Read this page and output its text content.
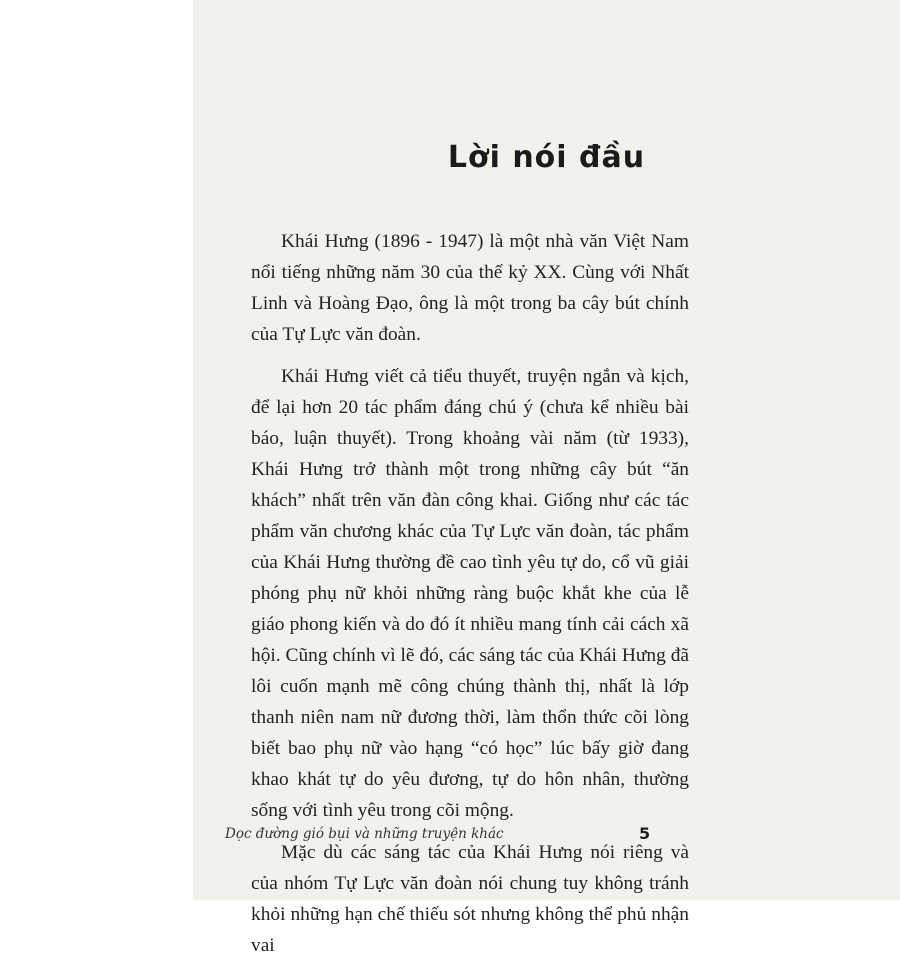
Lời nói đầu

Khái Hưng (1896 - 1947) là một nhà văn Việt Nam nổi tiếng những năm 30 của thế kỷ XX. Cùng với Nhất Linh và Hoàng Đạo, ông là một trong ba cây bút chính của Tự Lực văn đoàn.

Khái Hưng viết cả tiểu thuyết, truyện ngắn và kịch, để lại hơn 20 tác phẩm đáng chú ý (chưa kể nhiều bài báo, luận thuyết). Trong khoảng vài năm (từ 1933), Khái Hưng trở thành một trong những cây bút “ăn khách” nhất trên văn đàn công khai. Giống như các tác phẩm văn chương khác của Tự Lực văn đoàn, tác phẩm của Khái Hưng thường đề cao tình yêu tự do, cổ vũ giải phóng phụ nữ khỏi những ràng buộc khắt khe của lễ giáo phong kiến và do đó ít nhiều mang tính cải cách xã hội. Cũng chính vì lẽ đó, các sáng tác của Khái Hưng đã lôi cuốn mạnh mẽ công chúng thành thị, nhất là lớp thanh niên nam nữ đương thời, làm thổn thức cõi lòng biết bao phụ nữ vào hạng “có học” lúc bấy giờ đang khao khát tự do yêu đương, tự do hôn nhân, thường sống với tình yêu trong cõi mộng.

Mặc dù các sáng tác của Khái Hưng nói riêng và của nhóm Tự Lực văn đoàn nói chung tuy không tránh khỏi những hạn chế thiếu sót nhưng không thể phủ nhận vai

Dọc đường gió bụi và những truyện khác	5
